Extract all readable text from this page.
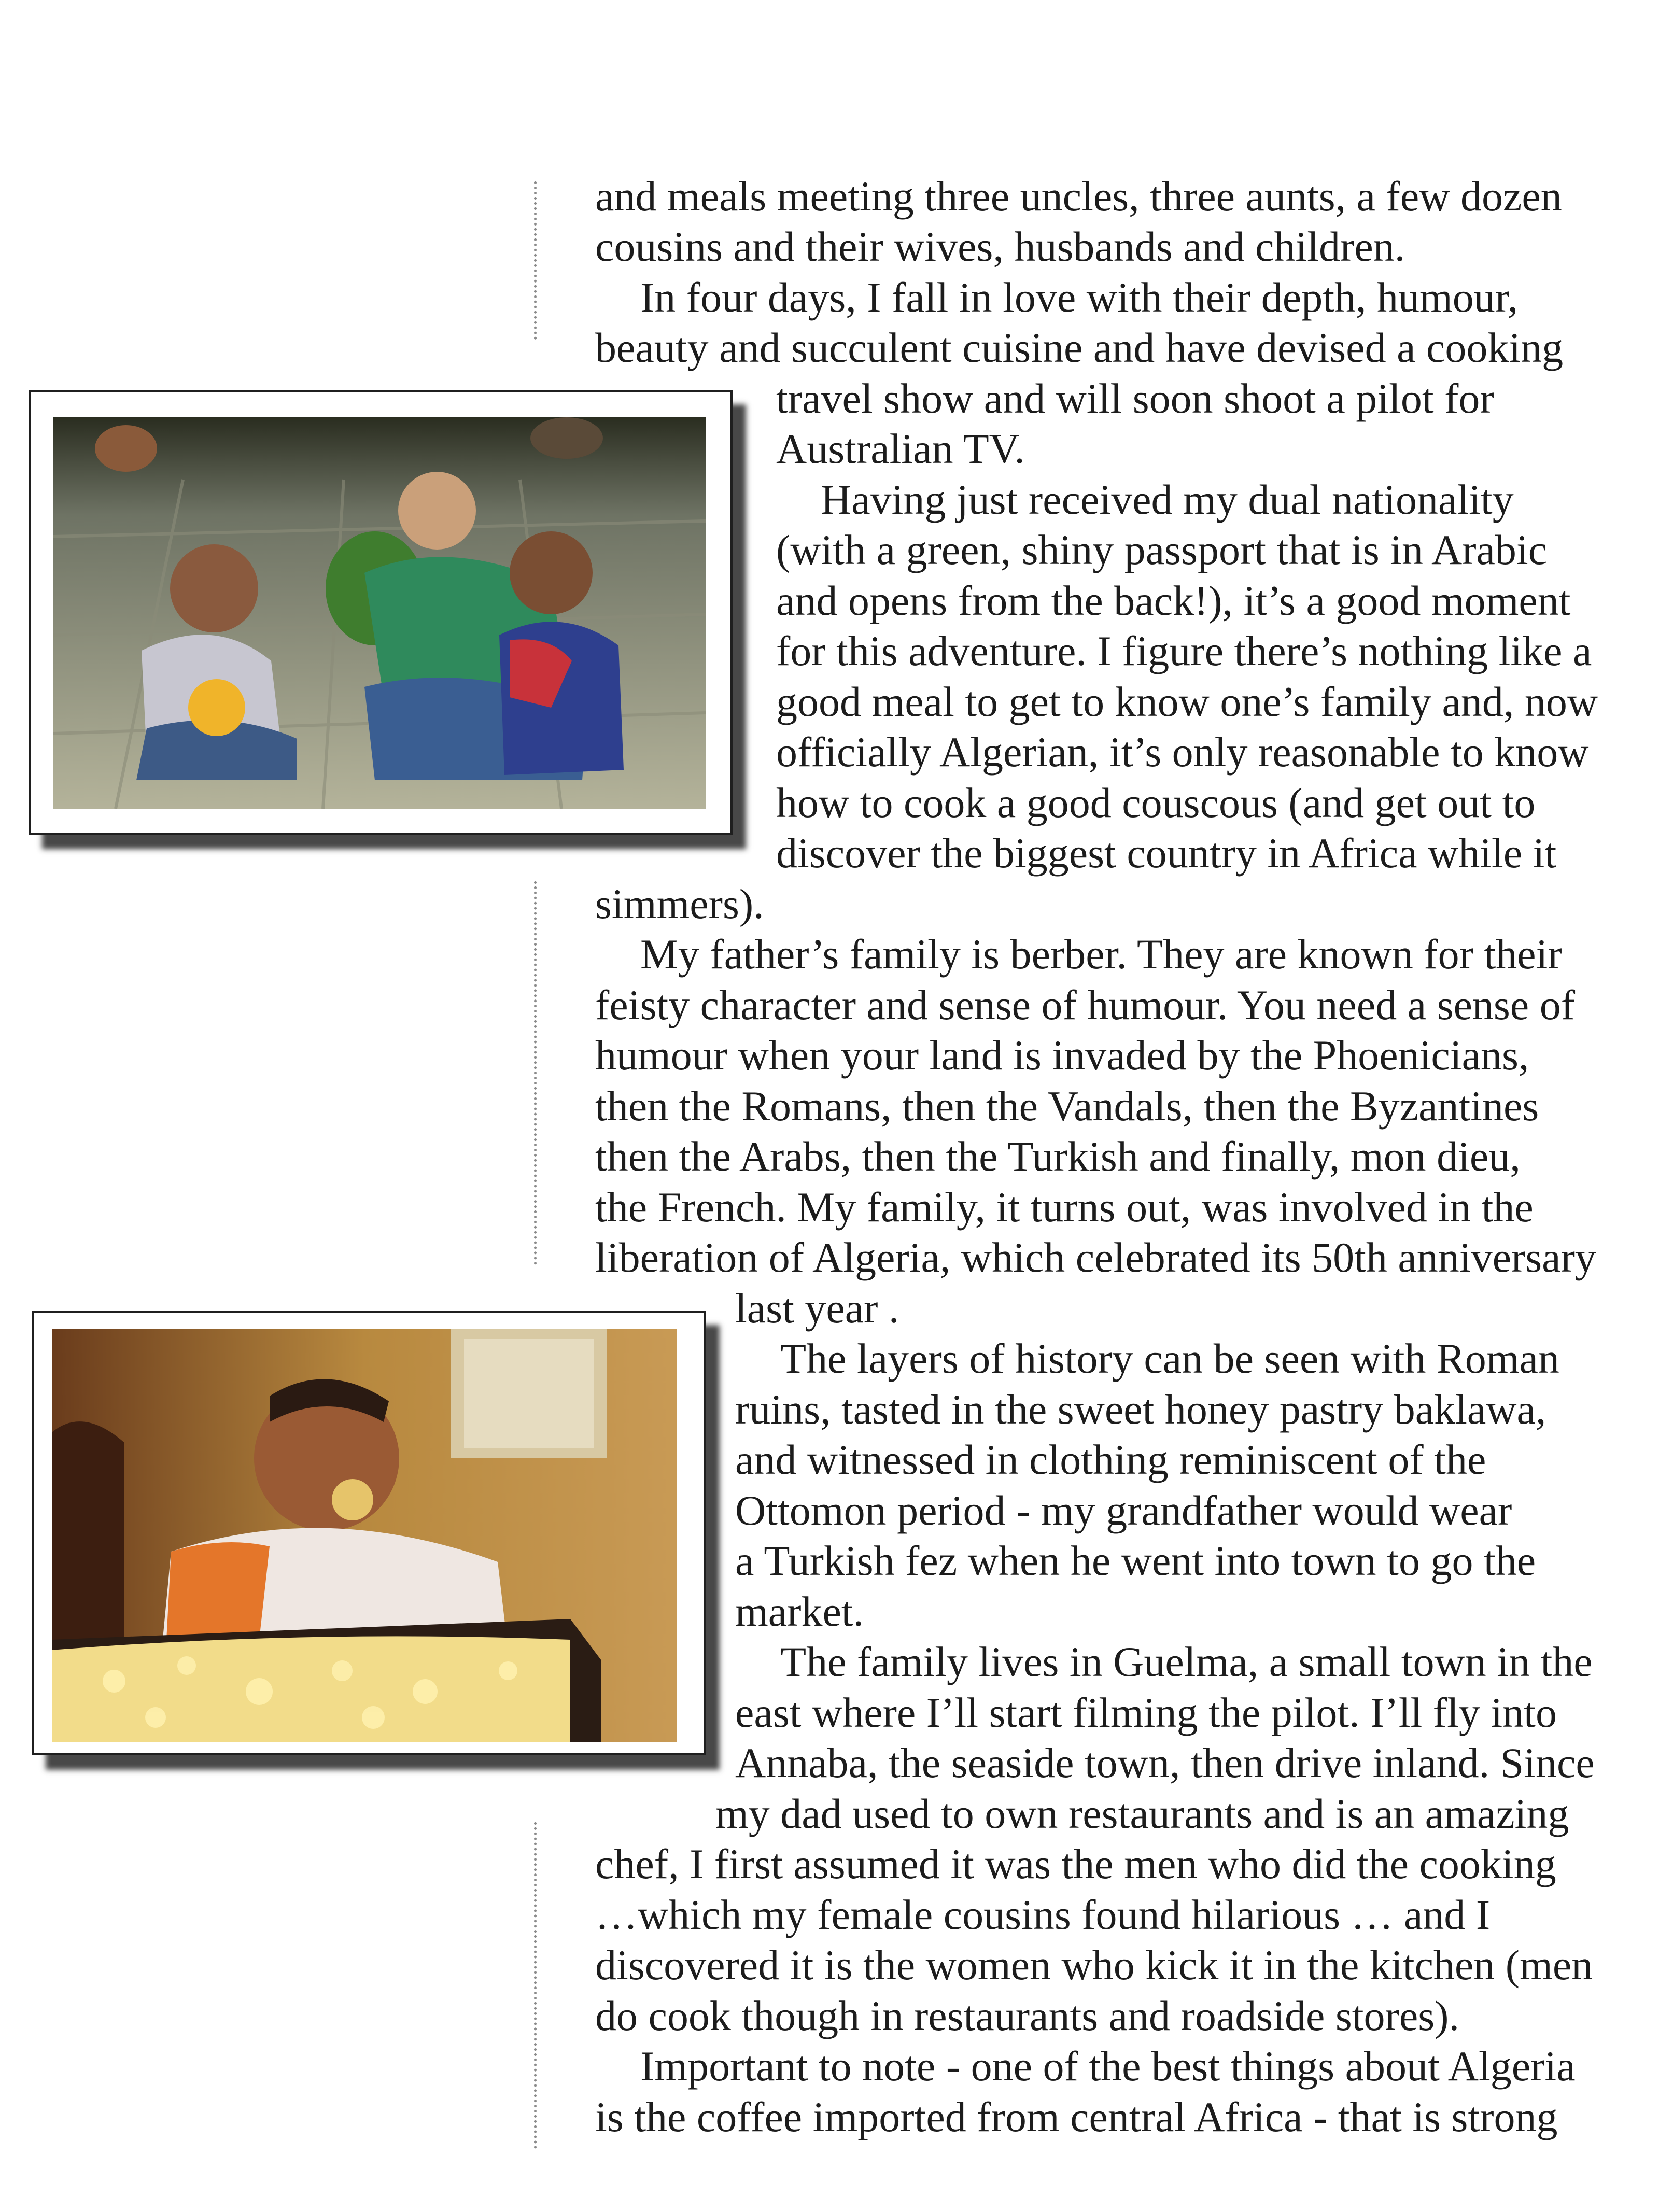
and meals meeting three uncles, three aunts, a few dozen
cousins and their wives, husbands and children.
In four days, I fall in love with their depth, humour,
beauty and succulent cuisine and have devised a cooking
travel show and will soon shoot a pilot for
Australian TV.
Having just received my dual nationality
(with a green, shiny passport that is in Arabic
and opens from the back!), it’s a good moment
for this adventure. I figure there’s nothing like a
good meal to get to know one’s family and, now
officially Algerian, it’s only reasonable to know
how to cook a good couscous (and get out to
discover the biggest country in Africa while it
simmers).
My father’s family is berber. They are known for their
feisty character and sense of humour. You need a sense of
humour when your land is invaded by the Phoenicians,
then the Romans, then the Vandals, then the Byzantines
then the Arabs, then the Turkish and finally, mon dieu,
the French. My family, it turns out, was involved in the
liberation of Algeria, which celebrated its 50th anniversary
last year .
The layers of history can be seen with Roman
ruins, tasted in the sweet honey pastry baklawa,
and witnessed in clothing reminiscent of the
Ottomon period - my grandfather would wear
a Turkish fez when he went into town to go the
market.
The family lives in Guelma, a small town in the
east where I’ll start filming the pilot. I’ll fly into
Annaba, the seaside town, then drive inland. Since
my dad used to own restaurants and is an amazing
chef, I first assumed it was the men who did the cooking
…which my female cousins found hilarious … and I
discovered it is the women who kick it in the kitchen (men
do cook though in restaurants and roadside stores).
Important to note - one of the best things about Algeria
is the coffee imported from central Africa - that is strong
